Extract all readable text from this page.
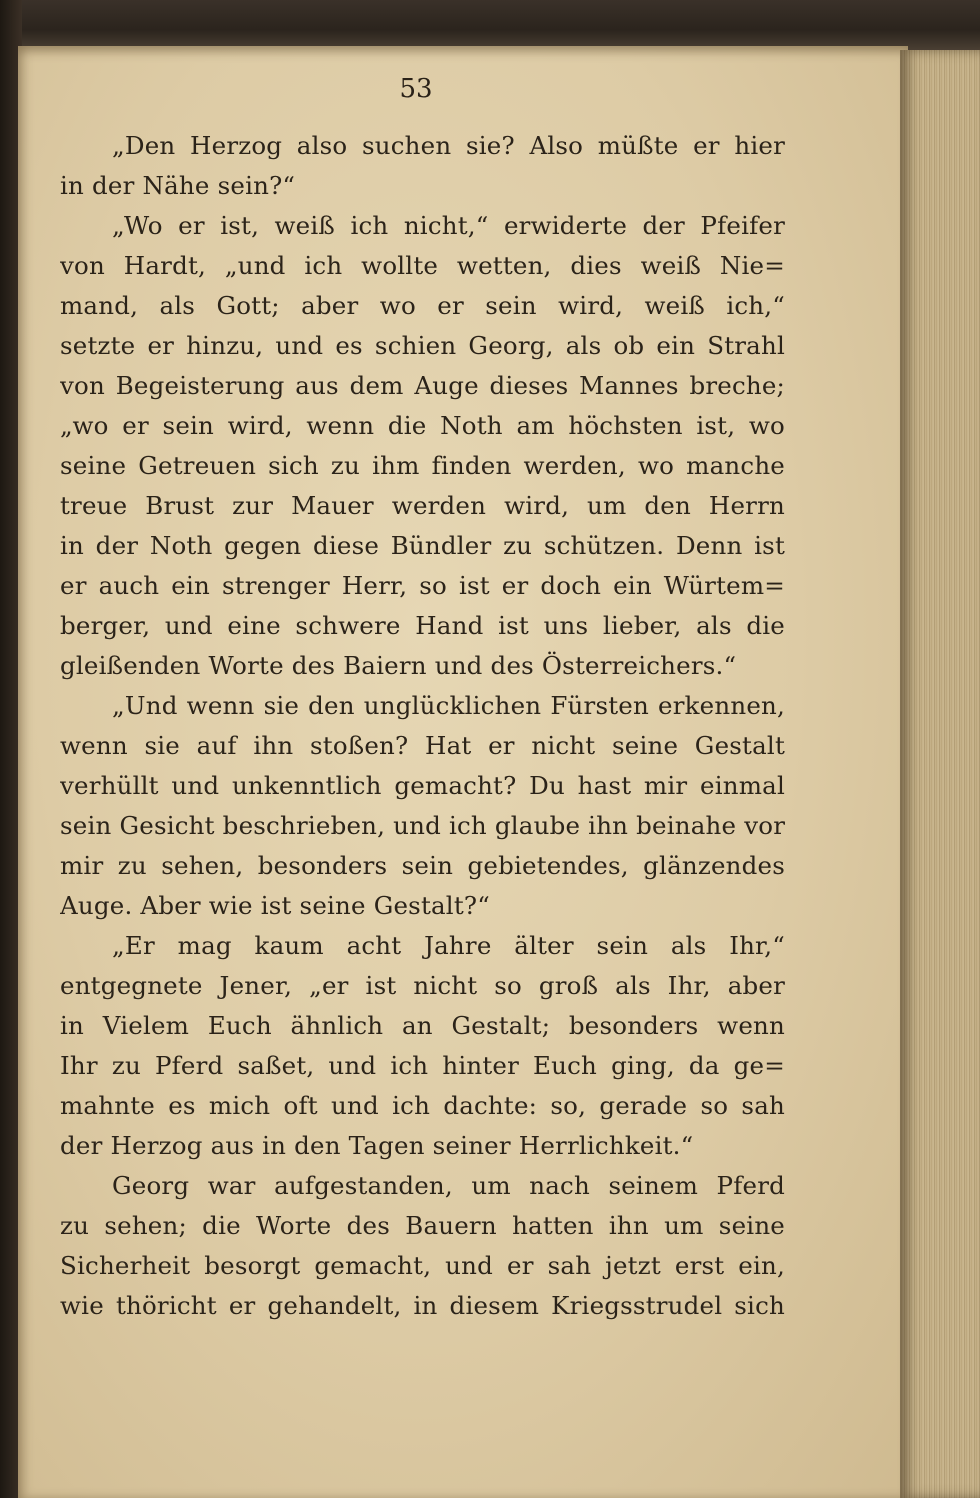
53
„Den Herzog also suchen sie? Also müßte er hier
in der Nähe sein?“
„Wo er ist, weiß ich nicht,“ erwiderte der Pfeifer
von Hardt, „und ich wollte wetten, dies weiß Nie=
mand, als Gott; aber wo er sein wird, weiß ich,“
setzte er hinzu, und es schien Georg, als ob ein Strahl
von Begeisterung aus dem Auge dieses Mannes breche;
„wo er sein wird, wenn die Noth am höchsten ist, wo
seine Getreuen sich zu ihm finden werden, wo manche
treue Brust zur Mauer werden wird, um den Herrn
in der Noth gegen diese Bündler zu schützen. Denn ist
er auch ein strenger Herr, so ist er doch ein Würtem=
berger, und eine schwere Hand ist uns lieber, als die
gleißenden Worte des Baiern und des Österreichers.“
„Und wenn sie den unglücklichen Fürsten erkennen,
wenn sie auf ihn stoßen? Hat er nicht seine Gestalt
verhüllt und unkenntlich gemacht? Du hast mir einmal
sein Gesicht beschrieben, und ich glaube ihn beinahe vor
mir zu sehen, besonders sein gebietendes, glänzendes
Auge. Aber wie ist seine Gestalt?“
„Er mag kaum acht Jahre älter sein als Ihr,“
entgegnete Jener, „er ist nicht so groß als Ihr, aber
in Vielem Euch ähnlich an Gestalt; besonders wenn
Ihr zu Pferd saßet, und ich hinter Euch ging, da ge=
mahnte es mich oft und ich dachte: so, gerade so sah
der Herzog aus in den Tagen seiner Herrlichkeit.“
Georg war aufgestanden, um nach seinem Pferd
zu sehen; die Worte des Bauern hatten ihn um seine
Sicherheit besorgt gemacht, und er sah jetzt erst ein,
wie thöricht er gehandelt, in diesem Kriegsstrudel sich
